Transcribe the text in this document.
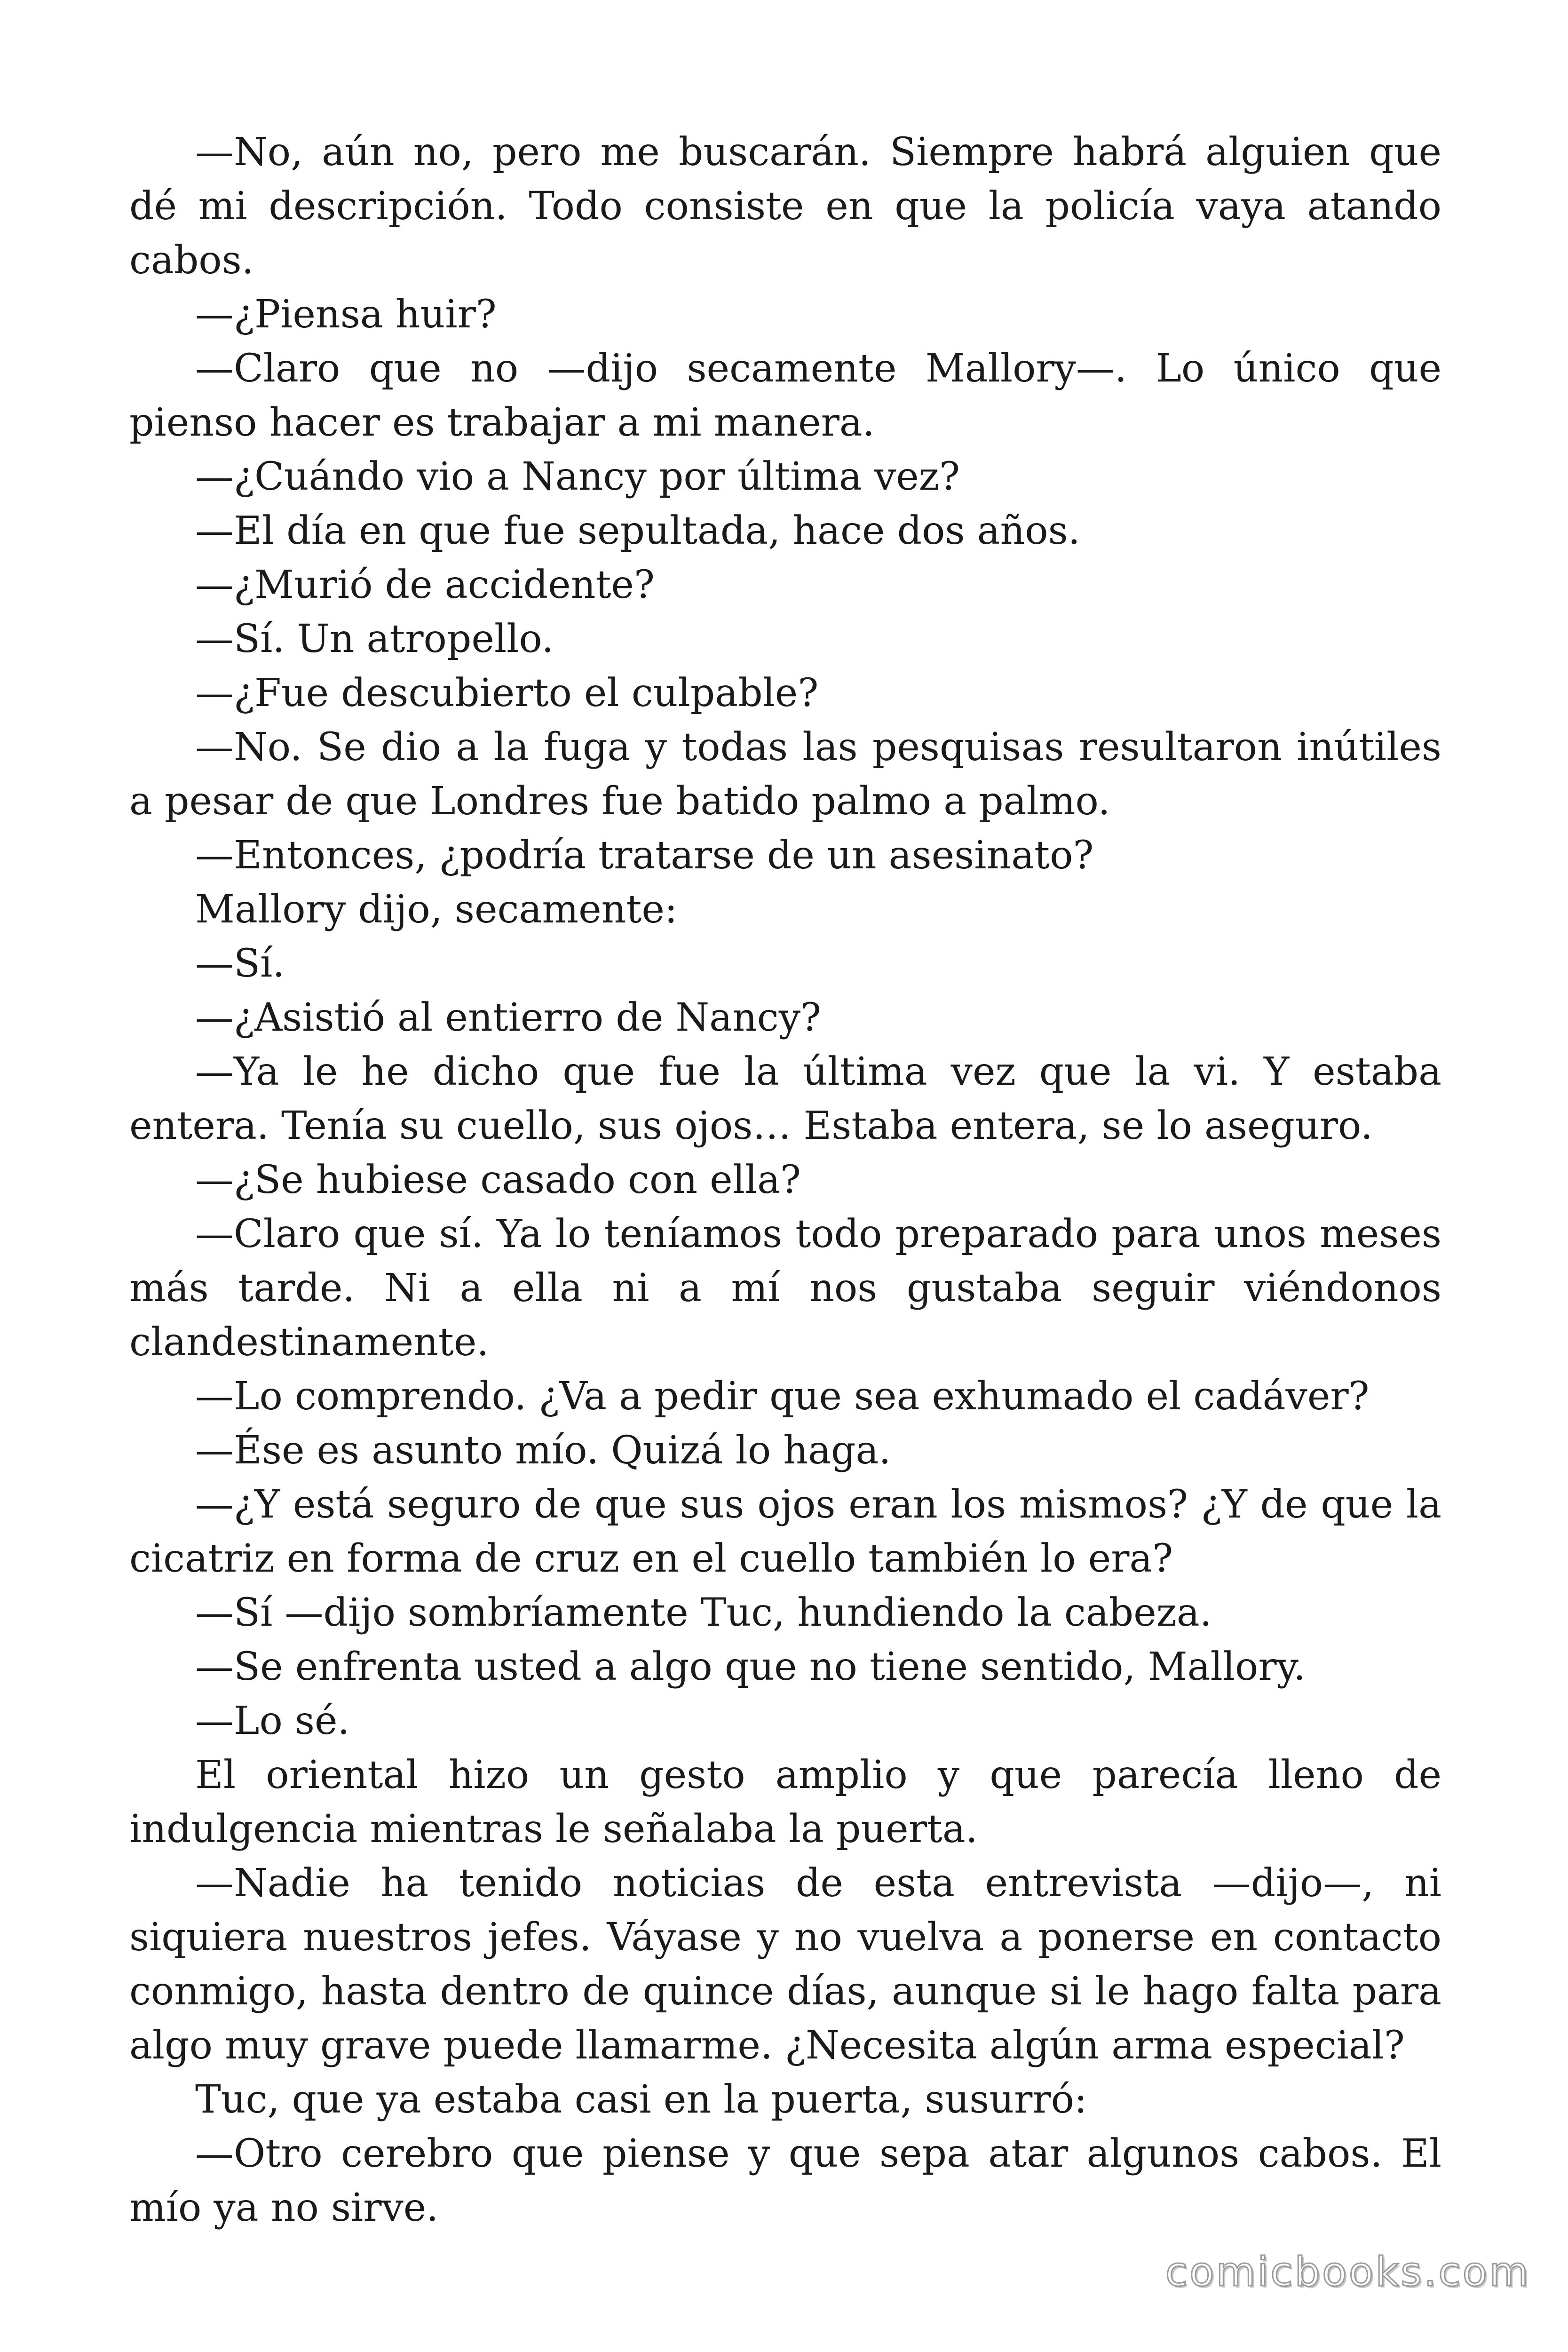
—No, aún no, pero me buscarán. Siempre habrá alguien que dé mi descripción. Todo consiste en que la policía vaya atando cabos.

—¿Piensa huir?

—Claro que no —dijo secamente Mallory—. Lo único que pienso hacer es trabajar a mi manera.

—¿Cuándo vio a Nancy por última vez?

—El día en que fue sepultada, hace dos años.

—¿Murió de accidente?

—Sí. Un atropello.

—¿Fue descubierto el culpable?

—No. Se dio a la fuga y todas las pesquisas resultaron inútiles a pesar de que Londres fue batido palmo a palmo.

—Entonces, ¿podría tratarse de un asesinato?

Mallory dijo, secamente:

—Sí.

—¿Asistió al entierro de Nancy?

—Ya le he dicho que fue la última vez que la vi. Y estaba entera. Tenía su cuello, sus ojos… Estaba entera, se lo aseguro.

—¿Se hubiese casado con ella?

—Claro que sí. Ya lo teníamos todo preparado para unos meses más tarde. Ni a ella ni a mí nos gustaba seguir viéndonos clandestinamente.

—Lo comprendo. ¿Va a pedir que sea exhumado el cadáver?

—Ése es asunto mío. Quizá lo haga.

—¿Y está seguro de que sus ojos eran los mismos? ¿Y de que la cicatriz en forma de cruz en el cuello también lo era?

—Sí —dijo sombríamente Tuc, hundiendo la cabeza.

—Se enfrenta usted a algo que no tiene sentido, Mallory.

—Lo sé.

El oriental hizo un gesto amplio y que parecía lleno de indulgencia mientras le señalaba la puerta.

—Nadie ha tenido noticias de esta entrevista —dijo—, ni siquiera nuestros jefes. Váyase y no vuelva a ponerse en contacto conmigo, hasta dentro de quince días, aunque si le hago falta para algo muy grave puede llamarme. ¿Necesita algún arma especial?

Tuc, que ya estaba casi en la puerta, susurró:

—Otro cerebro que piense y que sepa atar algunos cabos. El mío ya no sirve.

comicbooks.com
